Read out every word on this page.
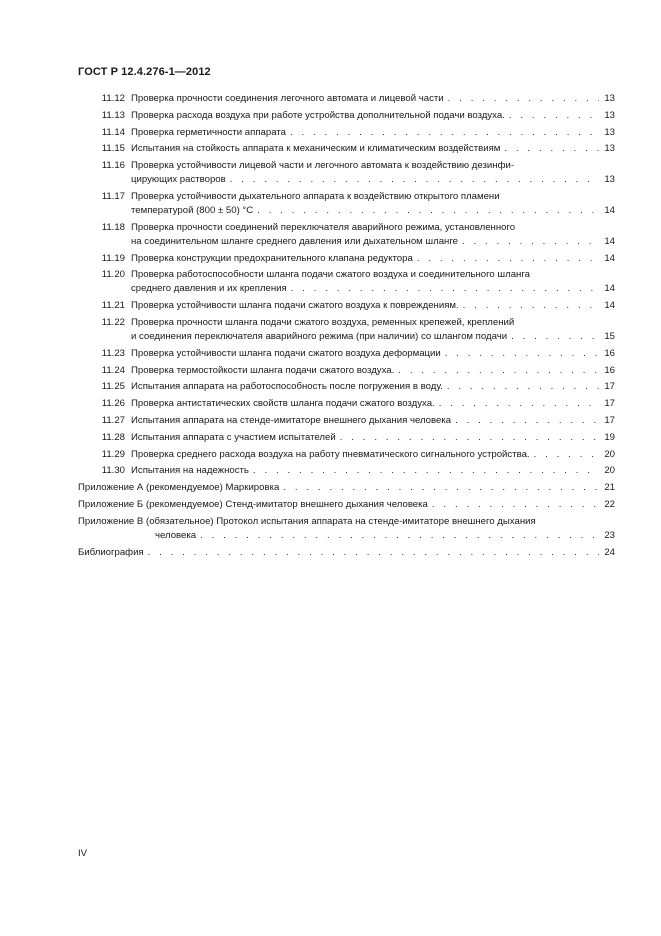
ГОСТ Р 12.4.276-1—2012
11.12 Проверка прочности соединения легочного автомата и лицевой части . . .	13
11.13 Проверка расхода воздуха при работе устройства дополнительной подачи воздуха. . . .	13
11.14 Проверка герметичности аппарата . . .	13
11.15 Испытания на стойкость аппарата к механическим и климатическим воздействиям . . .	13
11.16 Проверка устойчивости лицевой части и легочного автомата к воздействию дезинфи-
цирующих растворов . . .	13
11.17 Проверка устойчивости дыхательного аппарата к воздействию открытого пламени
температурой (800 ± 50) °C . . .	14
11.18 Проверка прочности соединений переключателя аварийного режима, установленного
на соединительном шланге среднего давления или дыхательном шланге . . .	14
11.19 Проверка конструкции предохранительного клапана редуктора . . .	14
11.20 Проверка работоспособности шланга подачи сжатого воздуха и соединительного шланга
среднего давления и их крепления . . .	14
11.21 Проверка устойчивости шланга подачи сжатого воздуха к повреждениям. . . .	14
11.22 Проверка прочности шланга подачи сжатого воздуха, ременных крепежей, креплений
и соединения переключателя аварийного режима (при наличии) со шлангом подачи . . .	15
11.23 Проверка устойчивости шланга подачи сжатого воздуха деформации . . .	16
11.24 Проверка термостойкости шланга подачи сжатого воздуха. . . .	16
11.25 Испытания аппарата на работоспособность после погружения в воду. . . .	17
11.26 Проверка антистатических свойств шланга подачи сжатого воздуха. . . .	17
11.27 Испытания аппарата на стенде-имитаторе внешнего дыхания человека . . .	17
11.28 Испытания аппарата с участием испытателей . . .	19
11.29 Проверка среднего расхода воздуха на работу пневматического сигнального устройства. . . .	20
11.30 Испытания на надежность . . .	20
Приложение А (рекомендуемое) Маркировка . . .	21
Приложение Б (рекомендуемое) Стенд-имитатор внешнего дыхания человека . . .	22
Приложение В (обязательное) Протокол испытания аппарата на стенде-имитаторе внешнего дыхания
человека . . .	23
Библиография . . .	24
IV
